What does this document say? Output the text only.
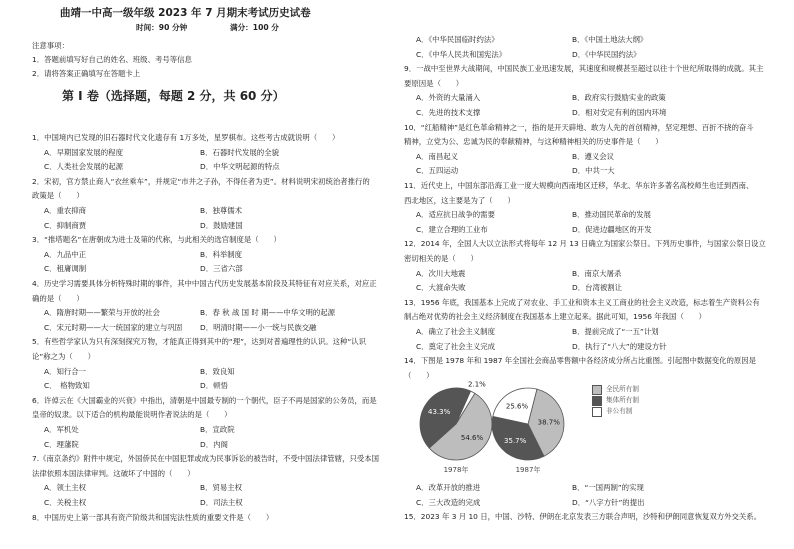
曲靖一中高一级年级 2023 年 7 月期末考试历史试卷
时间：90 分钟	满分：100 分
注意事项：
1．答题前填写好自己的姓名、班级、考号等信息
2．请将答案正确填写在答题卡上
第 I 卷（选择题，每题 2 分，共 60 分）
1．中国境内已发现的旧石器时代文化遗存有 1万多处，星罗棋布。这些考古成就说明（　　）
A．早期国家发展的程度	B．石器时代发展的全貌
C．人类社会发展的起源	D．中华文明起源的特点
2．宋初，官方禁止商人“衣丝乘车”，并规定“市井之子孙，不得任者为吏”。材料说明宋初统治者推行的
政策是（　　）
A．重农抑商	B．独尊儒术
C．抑制商贾	D．鼓励建国
3．“推塔题名”在唐朝成为进士及第的代称，与此相关的选官制度是（　　）
A．九品中正	B．科举制度
C．租庸调制	D．三省六部
4．历史学习需要具体分析特殊时期的事件，其中中国古代历史发展基本阶段及其特征有对应关系，对应正
确的是（　　）
A．隋唐时期——繁荣与开放的社会	B．春 秋 战 国 时 期——中华文明的起源
C．宋元时期——大一统国家的建立与巩固 D．明清时期——小一统与民族交融
5．有些哲学家认为只有深刻探究万物，才能真正得到其中的“理”，达到对普遍理性的认识。这种“认识
论”称之为（　　）
A．知行合一	B．致良知
C．　格物致知	D．顿悟
6．许倬云在《大国霸业的兴衰》中指出，清朝是中国最专制的一个朝代，臣子不再是国家的公务员，而是
皇帝的奴隶。以下适合的机构最能说明作者说法的是（　　）
A．军机处	B．宣政院
C．理藩院	D．内阁
7.《南京条约》附件中规定，外国侨民在中国犯罪或成为民事诉讼的被告时，不受中国法律管辖，只受本国
法律依照本国法律审判。这破坏了中国的（　　）
A．领土主权	B．贸易主权
C．关税主权	D．司法主权
8．中国历史上第一部具有资产阶级共和国宪法性质的重要文件是（　　）
54.6%
43.3%
2.1%
1978年
38.7%
35.7%
25.6%
1987年
全民所有制
集体所有制
非公有制
A．《中华民国临时约法》	B．《中国土地法大纲》
C．《中华人民共和国宪法》	D．《中华民国约法》
9．一战中至世界大战期间，中国民族工业迅速发展，其速度和规模甚至超过以往十个世纪所取得的成就。其主
要原因是（　　）
A．外资的大量涌入	B．政府实行鼓励实业的政策
C．先进的技术支撑	D．相对安定有利的国内环境
10．“红船精神”是红色革命精神之一，指的是开天辟地、敢为人先的首创精神，坚定理想、百折不挠的奋斗
精神，立党为公、忠诚为民的奉献精神，与这种精神相关的历史事件是（　　）
A．南昌起义	B．遵义会议
C．五四运动	D．中共一大
11．近代史上，中国东部沿海工业一度大规模向西南地区迁移，华北、华东许多著名高校师生也迁到西南、
西北地区，这主要是为了（　　）
A．适应抗日战争的需要	B．推动国民革命的发展
C．建立合理的工业布	D．促进边疆地区的开发
12．2014 年，全国人大以立法形式将每年 12 月 13 日确立为国家公祭日。下列历史事件，与国家公祭日设立
密切相关的是（　　）
A．次川大地震	B．南京大屠杀
C．大渡命失败	D．台湾被割让
13．1956 年底，我国基本上完成了对农业、手工业和资本主义工商业的社会主义改造，标志着生产资料公有
制占绝对优势的社会主义经济制度在我国基本上建立起来。据此可知，1956 年我国（　　）
A．确立了社会主义制度	B．提前完成了“一五”计划
C．奠定了社会主义完成	D．执行了“八大”的建设方针
14．下图是 1978 年和 1987 年全国社会商品零售额中各经济成分所占比重图。引起图中数据变化的原因是
（　　）
A．改革开放的推进	B．“一国两制”的实现
C．三大改造的完成	D．“八字方针”的提出
15．2023 年 3 月 10 日，中国、沙特、伊朗在北京发表三方联合声明，沙特和伊朗同意恢复双方外交关系。
